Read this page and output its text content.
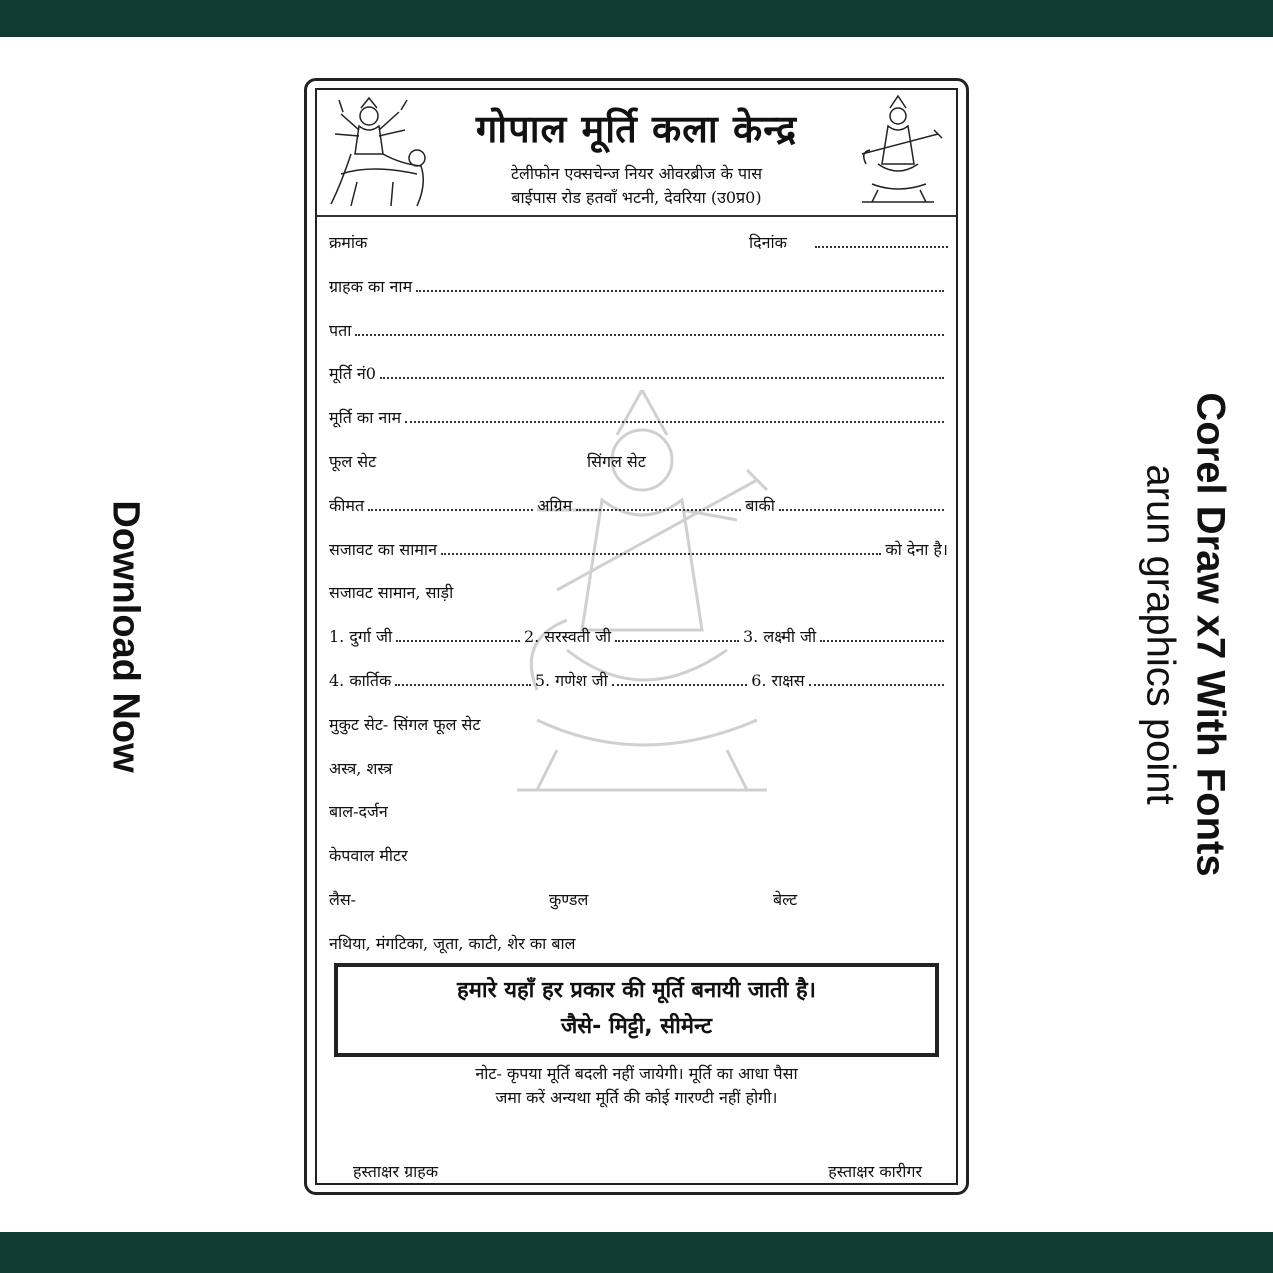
Download Now	Corel Draw x7 With Fonts
arun graphics point
गोपाल मूर्ति कला केन्द्र
टेलीफोन एक्सचेन्ज नियर ओवरब्रीज के पास
बाईपास रोड हतवाँ भटनी, देवरिया (उ0प्र0)
क्रमांक	दिनांक
ग्राहक का नाम
पता
मूर्ति नं0
मूर्ति का नाम
फूल सेट	सिंगल सेट
कीमत	अग्रिम	बाकी
सजावट का सामान	को देना है।
सजावट सामान, साड़ी
1. दुर्गा जी	2. सरस्वती जी	3. लक्ष्मी जी
4. कार्तिक	5. गणेश जी	6. राक्षस
मुकुट सेट- सिंगल फूल सेट
अस्त्र, शस्त्र
बाल-दर्जन
केपवाल मीटर
लैस-	कुण्डल	बेल्ट
नथिया, मंगटिका, जूता, काटी, शेर का बाल
हमारे यहाँ हर प्रकार की मूर्ति बनायी जाती है।
जैसे- मिट्टी, सीमेन्ट
नोट- कृपया मूर्ति बदली नहीं जायेगी। मूर्ति का आधा पैसा
जमा करें अन्यथा मूर्ति की कोई गारण्टी नहीं होगी।
हस्ताक्षर ग्राहक	हस्ताक्षर कारीगर
